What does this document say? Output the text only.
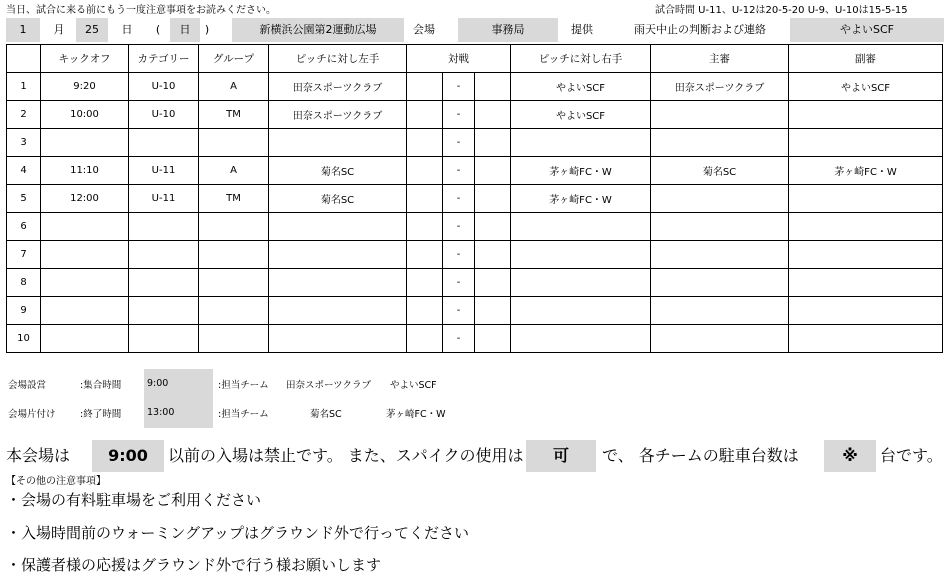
当日、試合に来る前にもう一度注意事項をお読みください。	試合時間 U-11、U-12は20-5-20 U-9、U-10は15-5-15
1	月	25	日	(	日	)	新横浜公園第2運動広場	会場	事務局	提供	雨天中止の判断および連絡	やよいSCF
	キックオフ	カテゴリー	グループ	ピッチに対し左手	対戦			ピッチに対し右手	主審	副審
1	9:20	U-10	A	田奈スポーツクラブ		-		やよいSCF	田奈スポーツクラブ	やよいSCF
2	10:00	U-10	TM	田奈スポーツクラブ		-		やよいSCF		
3						-				
4	11:10	U-11	A	菊名SC		-		茅ヶ崎FC・W	菊名SC	茅ヶ崎FC・W
5	12:00	U-11	TM	菊名SC		-		茅ヶ崎FC・W		
6						-				
7						-				
8						-				
9						-				
10						-				
会場設営	:集合時間	9:00	:担当チーム 田奈スポーツクラブ やよいSCF
会場片付け	:終了時間	13:00	:担当チーム	菊名SC	茅ヶ崎FC・W
本会場は	9:00	以前の入場は禁止です。 また、スパイクの使用は	可	で、 各チームの駐車台数は	※	台です。
【その他の注意事項】
・会場の有料駐車場をご利用ください
・入場時間前のウォーミングアップはグラウンド外で行ってください
・保護者様の応援はグラウンド外で行う様お願いします
